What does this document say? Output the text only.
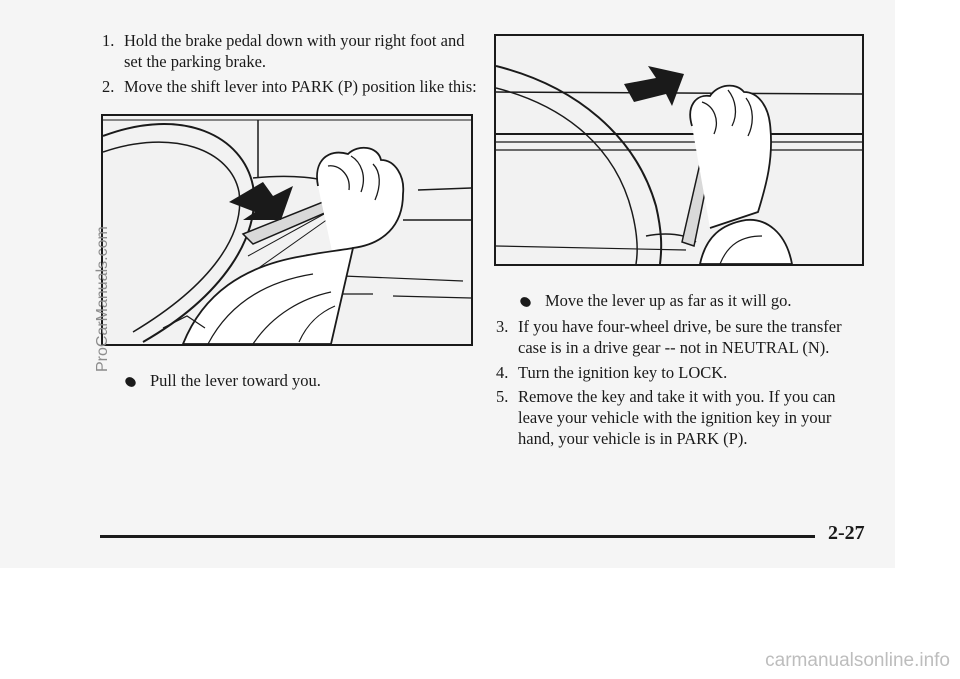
1. Hold the brake pedal down with your right foot and
set the parking brake.
2. Move the shift lever into PARK (P) position like this:
Pull the lever toward you.
Move the lever up as far as it will go.
3. If you have four-wheel drive, be sure the transfer
case is in a drive gear -- not in NEUTRAL (N).
4. Turn the ignition key to LOCK.
5. Remove the key and take it with you. If you can
leave your vehicle with the ignition key in your
hand, your vehicle is in PARK (P).
2-27
ProCarManuals.com
carmanualsonline.info
